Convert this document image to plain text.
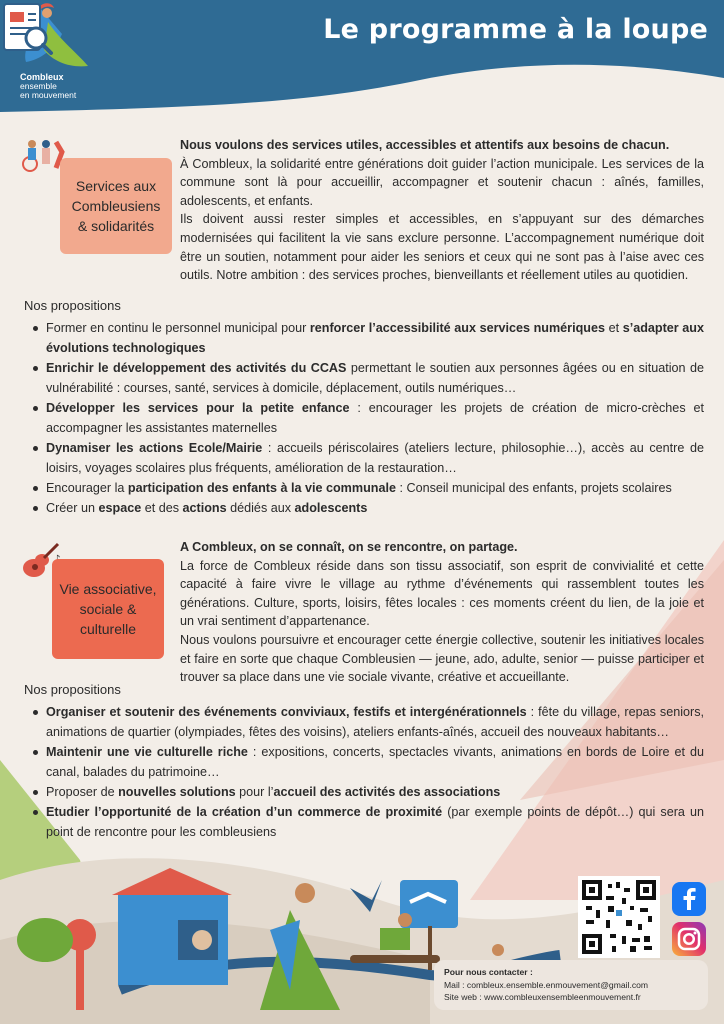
Combleux
ensemble
en mouvement
Le programme à la loupe
Services aux
Combleusiens
& solidarités
Nous voulons des services utiles, accessibles et attentifs aux besoins de chacun.
À Combleux, la solidarité entre générations doit guider l’action municipale. Les services de la commune sont là pour accueillir, accompagner et soutenir chacun : aînés, familles, adolescents, et enfants.
Ils doivent aussi rester simples et accessibles, en s’appuyant sur des démarches modernisées qui facilitent la vie sans exclure personne. L’accompagnement numérique doit être un soutien, notamment pour aider les seniors et ceux qui ne sont pas à l’aise avec ces outils. Notre ambition : des services proches, bienveillants et réellement utiles au quotidien.
Nos propositions
Former en continu le personnel municipal pour renforcer l’accessibilité aux services numériques et s’adapter aux évolutions technologiques
Enrichir le développement des activités du CCAS permettant le soutien aux personnes âgées ou en situation de vulnérabilité : courses, santé, services à domicile, déplacement, outils numériques…
Développer les services pour la petite enfance : encourager les projets de création de micro-crèches et accompagner les assistantes maternelles
Dynamiser les actions Ecole/Mairie : accueils périscolaires (ateliers lecture, philosophie…), accès au centre de loisirs, voyages scolaires plus fréquents, amélioration de la restauration…
Encourager la participation des enfants à la vie communale : Conseil municipal des enfants, projets scolaires
Créer un espace et des actions dédiés aux adolescents
Vie associative,
sociale &
culturelle
A Combleux, on se connaît, on se rencontre, on partage.
La force de Combleux réside dans son tissu associatif, son esprit de convivialité et cette capacité à faire vivre le village au rythme d’événements qui rassemblent toutes les générations. Culture, sports, loisirs, fêtes locales : ces moments créent du lien, de la joie et un vrai sentiment d’appartenance.
Nous voulons poursuivre et encourager cette énergie collective, soutenir les initiatives locales et faire en sorte que chaque Combleusien — jeune, ado, adulte, senior — puisse participer et trouver sa place dans une vie sociale vivante, créative et accueillante.
Nos propositions
Organiser et soutenir des événements conviviaux, festifs et intergénérationnels : fête du village, repas seniors, animations de quartier (olympiades, fêtes des voisins), ateliers enfants-aînés, accueil des nouveaux habitants…
Maintenir une vie culturelle riche : expositions, concerts, spectacles vivants, animations en bords de Loire et du canal, balades du patrimoine…
Proposer de nouvelles solutions pour l’accueil des activités des associations
Etudier l’opportunité de la création d’un commerce de proximité (par exemple points de dépôt…) qui sera un point de rencontre pour les combleusiens
Pour nous contacter :
Mail : combleux.ensemble.enmouvement@gmail.com
Site web : www.combleuxensembleenmouvement.fr
